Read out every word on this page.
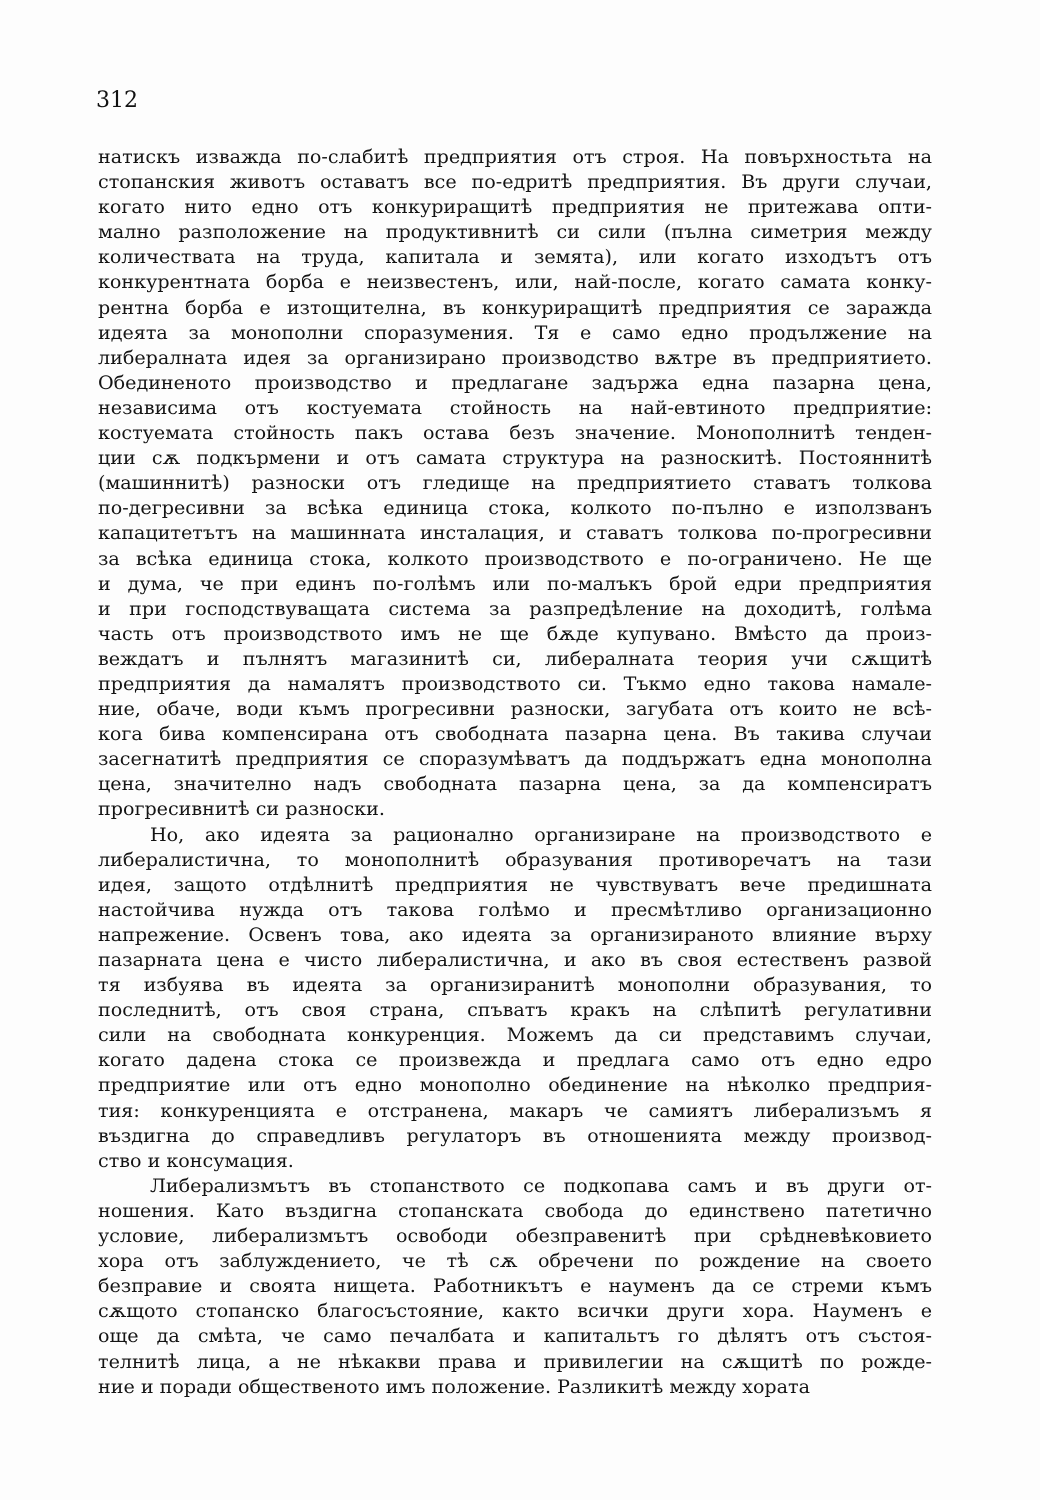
312
натискъ изважда по-слабитѣ предприятия отъ строя. На повърхностьта на
стопанския животъ оставатъ все по-едритѣ предприятия. Въ други случаи,
когато нито едно отъ конкуриращитѣ предприятия не притежава опти-
мално разположение на продуктивнитѣ си сили (пълна симетрия между
количествата на труда, капитала и земята), или когато изходътъ отъ
конкурентната борба е неизвестенъ, или, най-после, когато самата конку-
рентна борба е изтощителна, въ конкуриращитѣ предприятия се заражда
идеята за монополни споразумения. Тя е само едно продължение на
либералната идея за организирано производство вѫтре въ предприятието.
Обединеното производство и предлагане задържа една пазарна цена,
независима отъ костуемата стойность на най-евтиното предприятие:
костуемата стойность пакъ остава безъ значение. Монополнитѣ тенден-
ции сѫ подкърмени и отъ самата структура на разноскитѣ. Постояннитѣ
(машиннитѣ) разноски отъ гледище на предприятието ставатъ толкова
по-дегресивни за всѣка единица стока, колкото по-пълно е използванъ
капацитетътъ на машинната инсталация, и ставатъ толкова по-прогресивни
за всѣка единица стока, колкото производството е по-ограничено. Не ще
и дума, че при единъ по-голѣмъ или по-малъкъ брой едри предприятия
и при господствуващата система за разпредѣление на доходитѣ, голѣма
часть отъ производството имъ не ще бѫде купувано. Вмѣсто да произ-
веждатъ и пълнятъ магазинитѣ си, либералната теория учи сѫщитѣ
предприятия да намалятъ производството си. Тъкмо едно такова намале-
ние, обаче, води къмъ прогресивни разноски, загубата отъ които не всѣ-
кога бива компенсирана отъ свободната пазарна цена. Въ такива случаи
засегнатитѣ предприятия се споразумѣватъ да поддържатъ една монополна
цена, значително надъ свободната пазарна цена, за да компенсиратъ
прогресивнитѣ си разноски.
Но, ако идеята за рационално организиране на производството е
либералистична, то монополнитѣ образувания противоречатъ на тази
идея, защото отдѣлнитѣ предприятия не чувствуватъ вече предишната
настойчива нужда отъ такова голѣмо и пресмѣтливо организационно
напрежение. Освенъ това, ако идеята за организираното влияние върху
пазарната цена е чисто либералистична, и ако въ своя естественъ развой
тя избуява въ идеята за организиранитѣ монополни образувания, то
последнитѣ, отъ своя страна, спъватъ кракъ на слѣпитѣ регулативни
сили на свободната конкуренция. Можемъ да си представимъ случаи,
когато дадена стока се произвежда и предлага само отъ едно едро
предприятие или отъ едно монополно обединение на нѣколко предприя-
тия: конкуренцията е отстранена, макаръ че самиятъ либерализъмъ я
въздигна до справедливъ регулаторъ въ отношенията между производ-
ство и консумация.
Либерализмътъ въ стопанството се подкопава самъ и въ други от-
ношения. Като въздигна стопанската свобода до единствено патетично
условие, либерализмътъ освободи обезправенитѣ при срѣдневѣковието
хора отъ заблуждението, че тѣ сѫ обречени по рождение на своето
безправие и своята нищета. Работникътъ е науменъ да се стреми къмъ
сѫщото стопанско благосъстояние, както всички други хора. Науменъ е
още да смѣта, че само печалбата и капитальтъ го дѣлятъ отъ състоя-
телнитѣ лица, а не нѣкакви права и привилегии на сѫщитѣ по рожде-
ние и поради общественото имъ положение. Разликитѣ между хората
